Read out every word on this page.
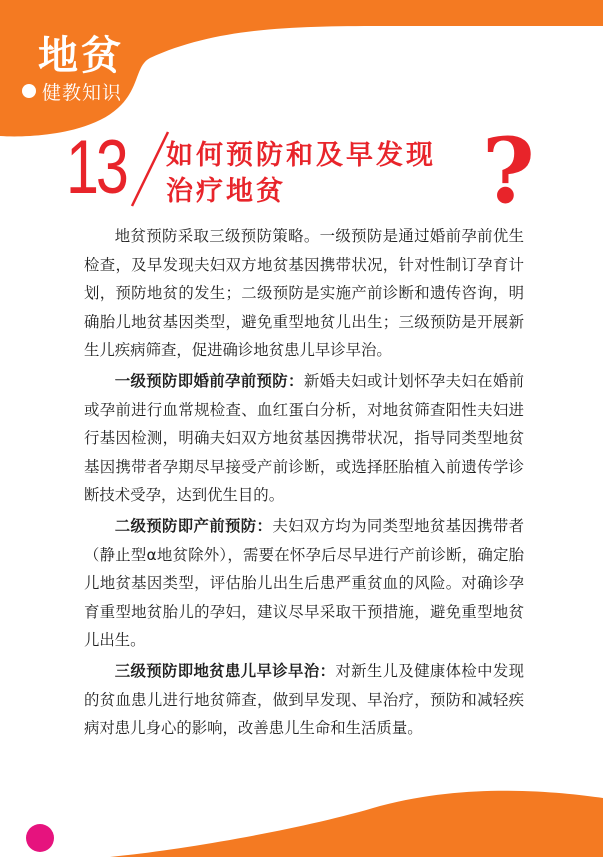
地贫
健教知识
13 如何预防和及早发现
治疗地贫	?

地贫预防采取三级预防策略。一级预防是通过婚前孕前优生检查，及早发现夫妇双方地贫基因携带状况，针对性制订孕育计划，预防地贫的发生；二级预防是实施产前诊断和遗传咨询，明确胎儿地贫基因类型，避免重型地贫儿出生；三级预防是开展新生儿疾病筛查，促进确诊地贫患儿早诊早治。

一级预防即婚前孕前预防：新婚夫妇或计划怀孕夫妇在婚前或孕前进行血常规检查、血红蛋白分析，对地贫筛查阳性夫妇进行基因检测，明确夫妇双方地贫基因携带状况，指导同类型地贫基因携带者孕期尽早接受产前诊断，或选择胚胎植入前遗传学诊断技术受孕，达到优生目的。

二级预防即产前预防：夫妇双方均为同类型地贫基因携带者（静止型α地贫除外），需要在怀孕后尽早进行产前诊断，确定胎儿地贫基因类型，评估胎儿出生后患严重贫血的风险。对确诊孕育重型地贫胎儿的孕妇，建议尽早采取干预措施，避免重型地贫儿出生。

三级预防即地贫患儿早诊早治：对新生儿及健康体检中发现的贫血患儿进行地贫筛查，做到早发现、早治疗，预防和减轻疾病对患儿身心的影响，改善患儿生命和生活质量。
